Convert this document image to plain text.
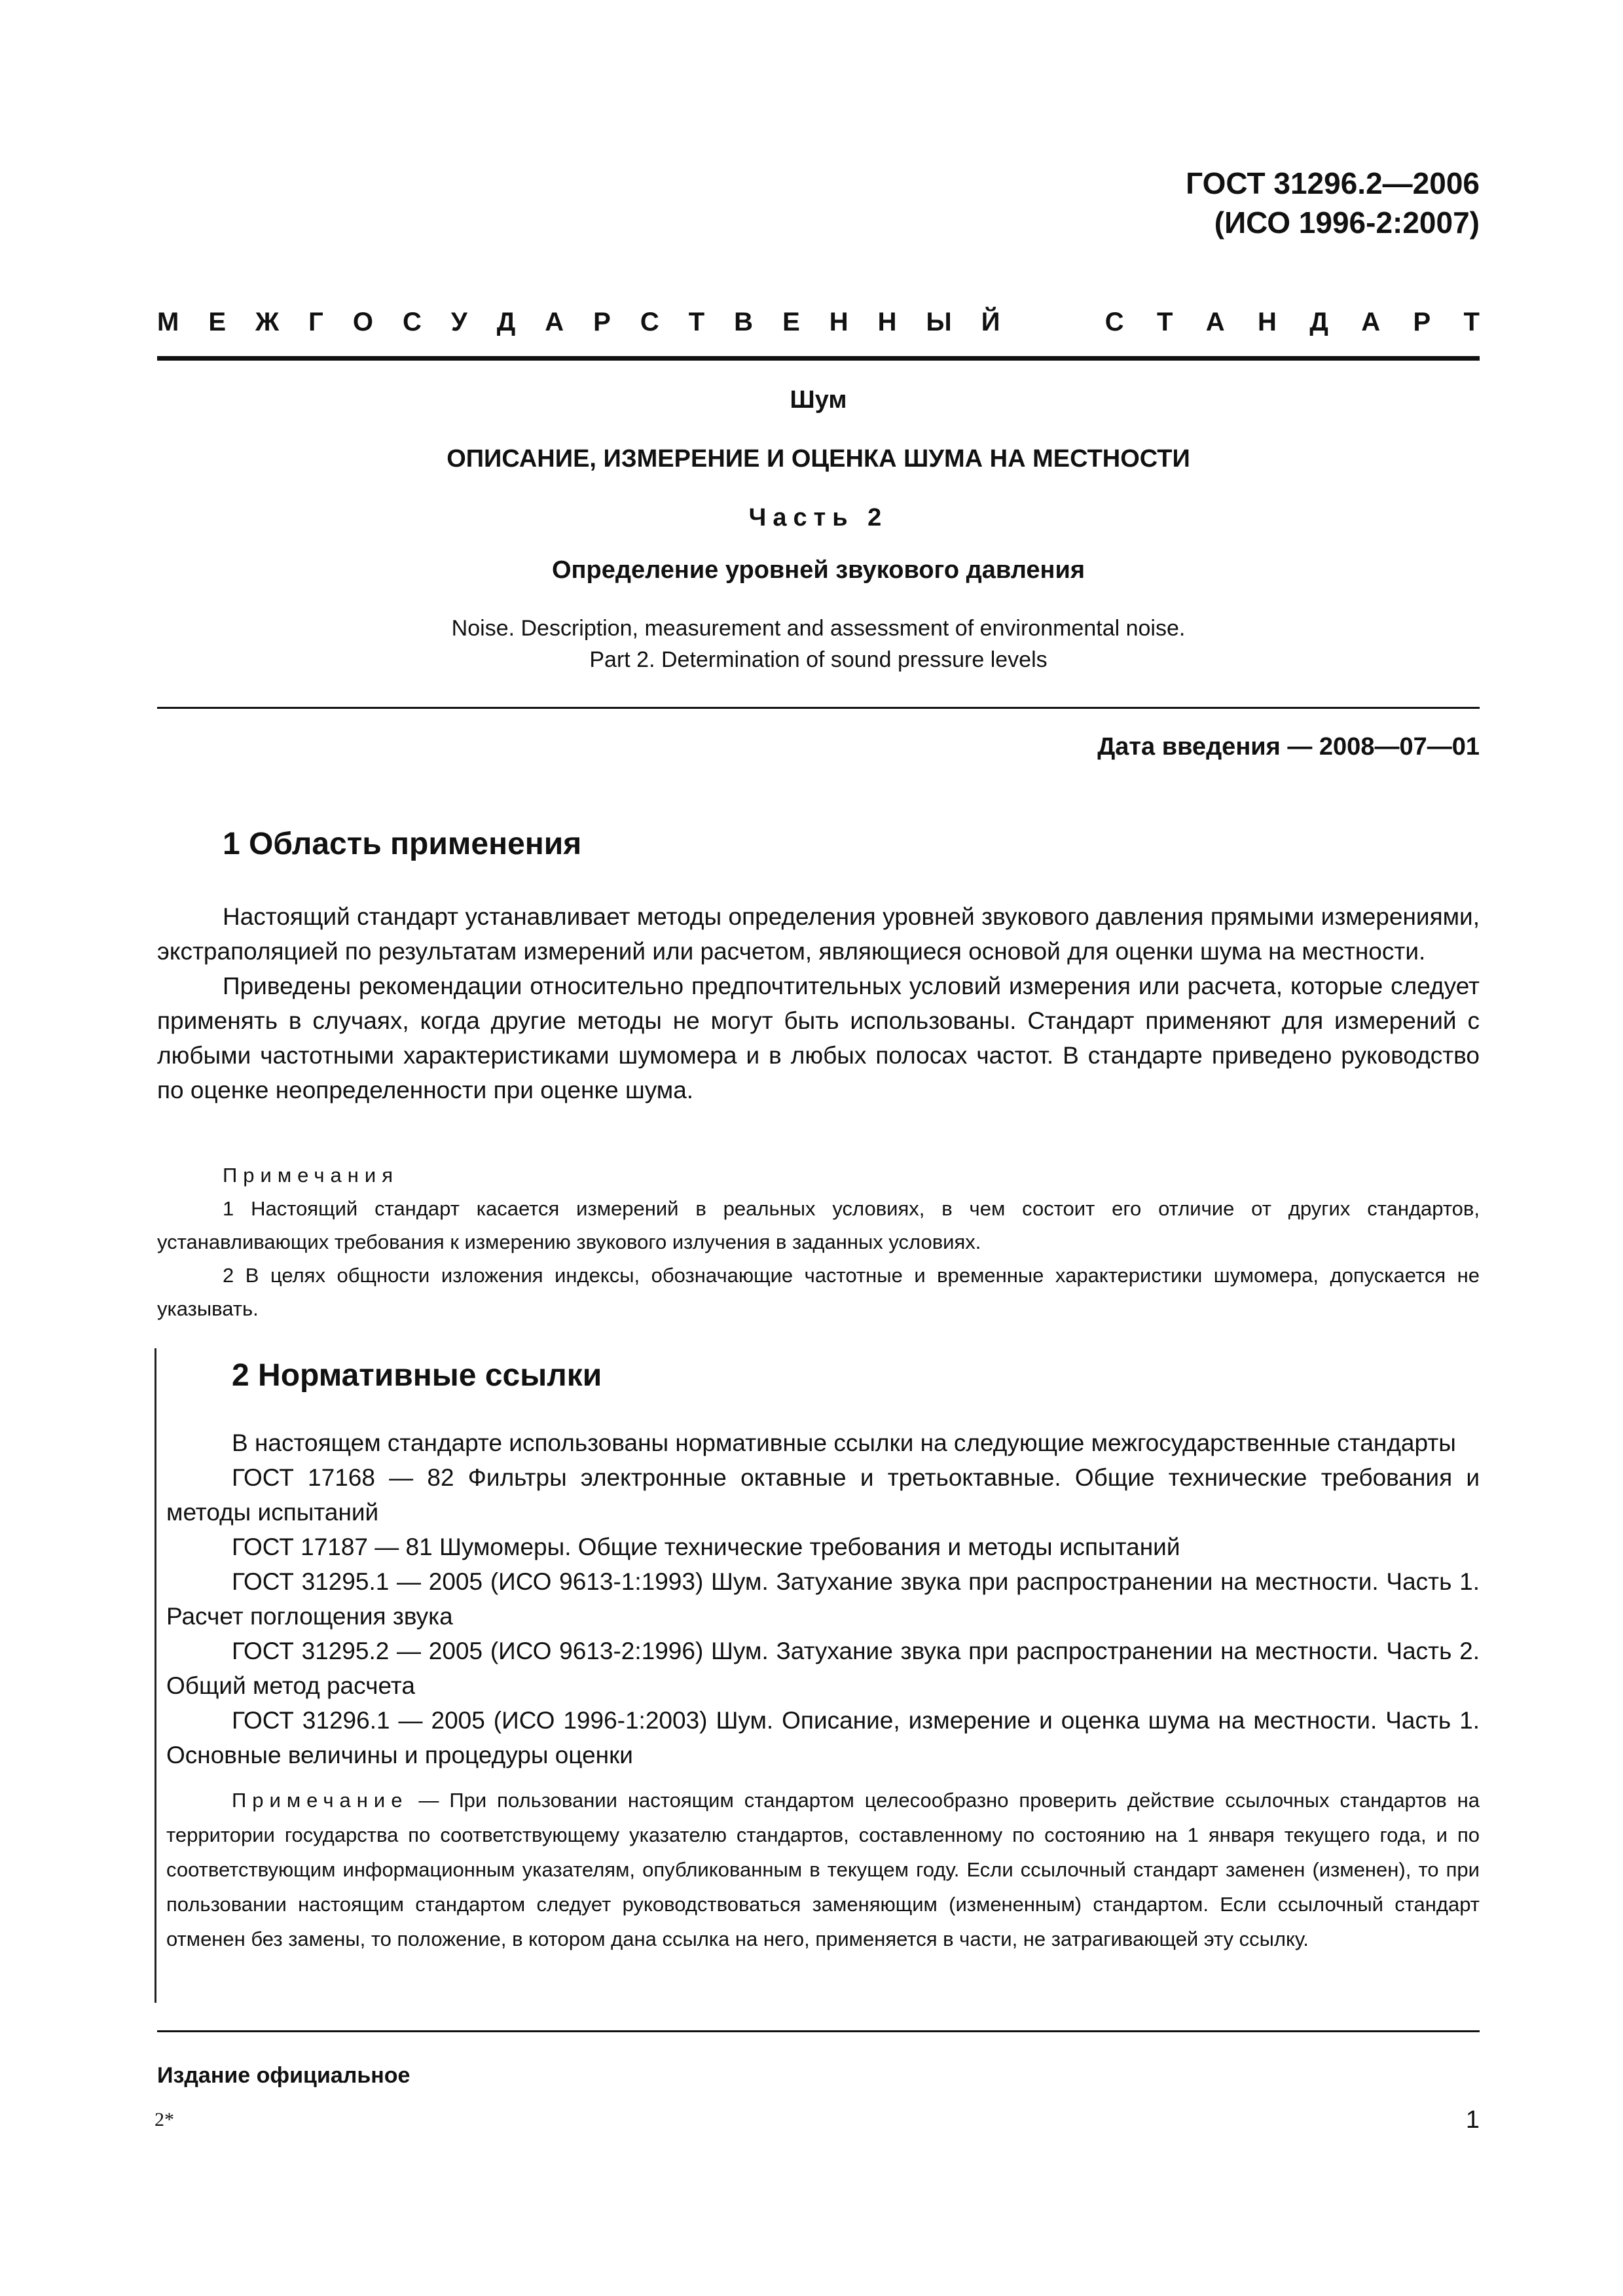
ГОСТ 31296.2—2006
(ИСО 1996-2:2007)
М Е Ж Г О С У Д А Р С Т В Е Н Н Ы Й	С Т А Н Д А Р Т
Шум
ОПИСАНИЕ, ИЗМЕРЕНИЕ И ОЦЕНКА ШУМА НА МЕСТНОСТИ
Часть 2
Определение уровней звукового давления
Noise. Description, measurement and assessment of environmental noise.
Part 2. Determination of sound pressure levels
Дата введения — 2008—07—01
1 Область применения

Настоящий стандарт устанавливает методы определения уровней звукового давления прямыми измерениями, экстраполяцией по результатам измерений или расчетом, являющиеся основой для оценки шума на местности.

Приведены рекомендации относительно предпочтительных условий измерения или расчета, которые следует применять в случаях, когда другие методы не могут быть использованы. Стандарт применяют для измерений с любыми частотными характеристиками шумомера и в любых полосах частот. В стандарте приведено руководство по оценке неопределенности при оценке шума.

Примечания

1 Настоящий стандарт касается измерений в реальных условиях, в чем состоит его отличие от других стандартов, устанавливающих требования к измерению звукового излучения в заданных условиях.

2 В целях общности изложения индексы, обозначающие частотные и временные характеристики шумомера, допускается не указывать.

2 Нормативные ссылки

В настоящем стандарте использованы нормативные ссылки на следующие межгосударственные стандарты

ГОСТ 17168 — 82 Фильтры электронные октавные и третьоктавные. Общие технические требования и методы испытаний

ГОСТ 17187 — 81 Шумомеры. Общие технические требования и методы испытаний

ГОСТ 31295.1 — 2005 (ИСО 9613-1:1993) Шум. Затухание звука при распространении на местности. Часть 1. Расчет поглощения звука

ГОСТ 31295.2 — 2005 (ИСО 9613-2:1996) Шум. Затухание звука при распространении на местности. Часть 2. Общий метод расчета

ГОСТ 31296.1 — 2005 (ИСО 1996-1:2003) Шум. Описание, измерение и оценка шума на местности. Часть 1. Основные величины и процедуры оценки

Примечание — При пользовании настоящим стандартом целесообразно проверить действие ссылочных стандартов на территории государства по соответствующему указателю стандартов, составленному по состоянию на 1 января текущего года, и по соответствующим информационным указателям, опубликованным в текущем году. Если ссылочный стандарт заменен (изменен), то при пользовании настоящим стандартом следует руководствоваться заменяющим (измененным) стандартом. Если ссылочный стандарт отменен без замены, то положение, в котором дана ссылка на него, применяется в части, не затрагивающей эту ссылку.

Издание официальное
2*	1
